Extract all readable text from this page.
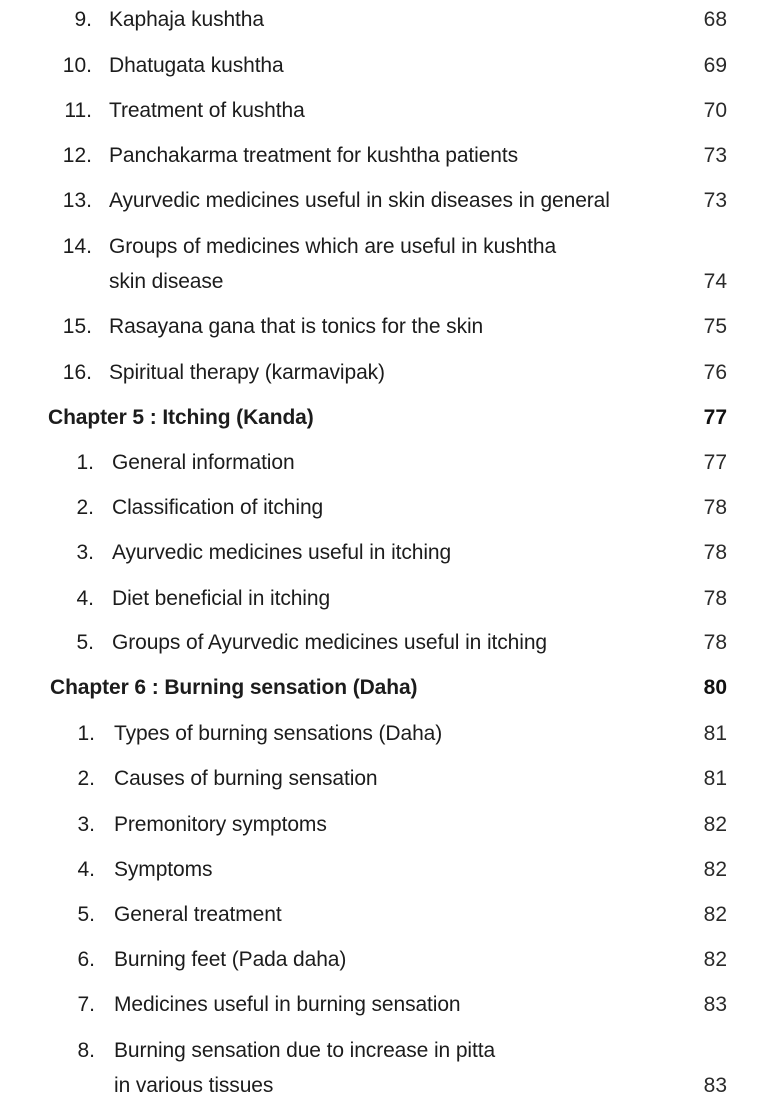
9. Kaphaja kushtha	68
10. Dhatugata kushtha	69
11. Treatment of kushtha	70
12. Panchakarma treatment for kushtha patients	73
13. Ayurvedic medicines useful in skin diseases in general	73
14. Groups of medicines which are useful in kushtha
skin disease	74
15. Rasayana gana that is tonics for the skin	75
16. Spiritual therapy (karmavipak)	76
Chapter 5 : Itching (Kanda)	77
1. General information	77
2. Classification of itching	78
3. Ayurvedic medicines useful in itching	78
4. Diet beneficial in itching	78
5. Groups of Ayurvedic medicines useful in itching	78
Chapter 6 : Burning sensation (Daha)	80
1. Types of burning sensations (Daha)	81
2. Causes of burning sensation	81
3. Premonitory symptoms	82
4. Symptoms	82
5. General treatment	82
6. Burning feet (Pada daha)	82
7. Medicines useful in burning sensation	83
8. Burning sensation due to increase in pitta
in various tissues	83
